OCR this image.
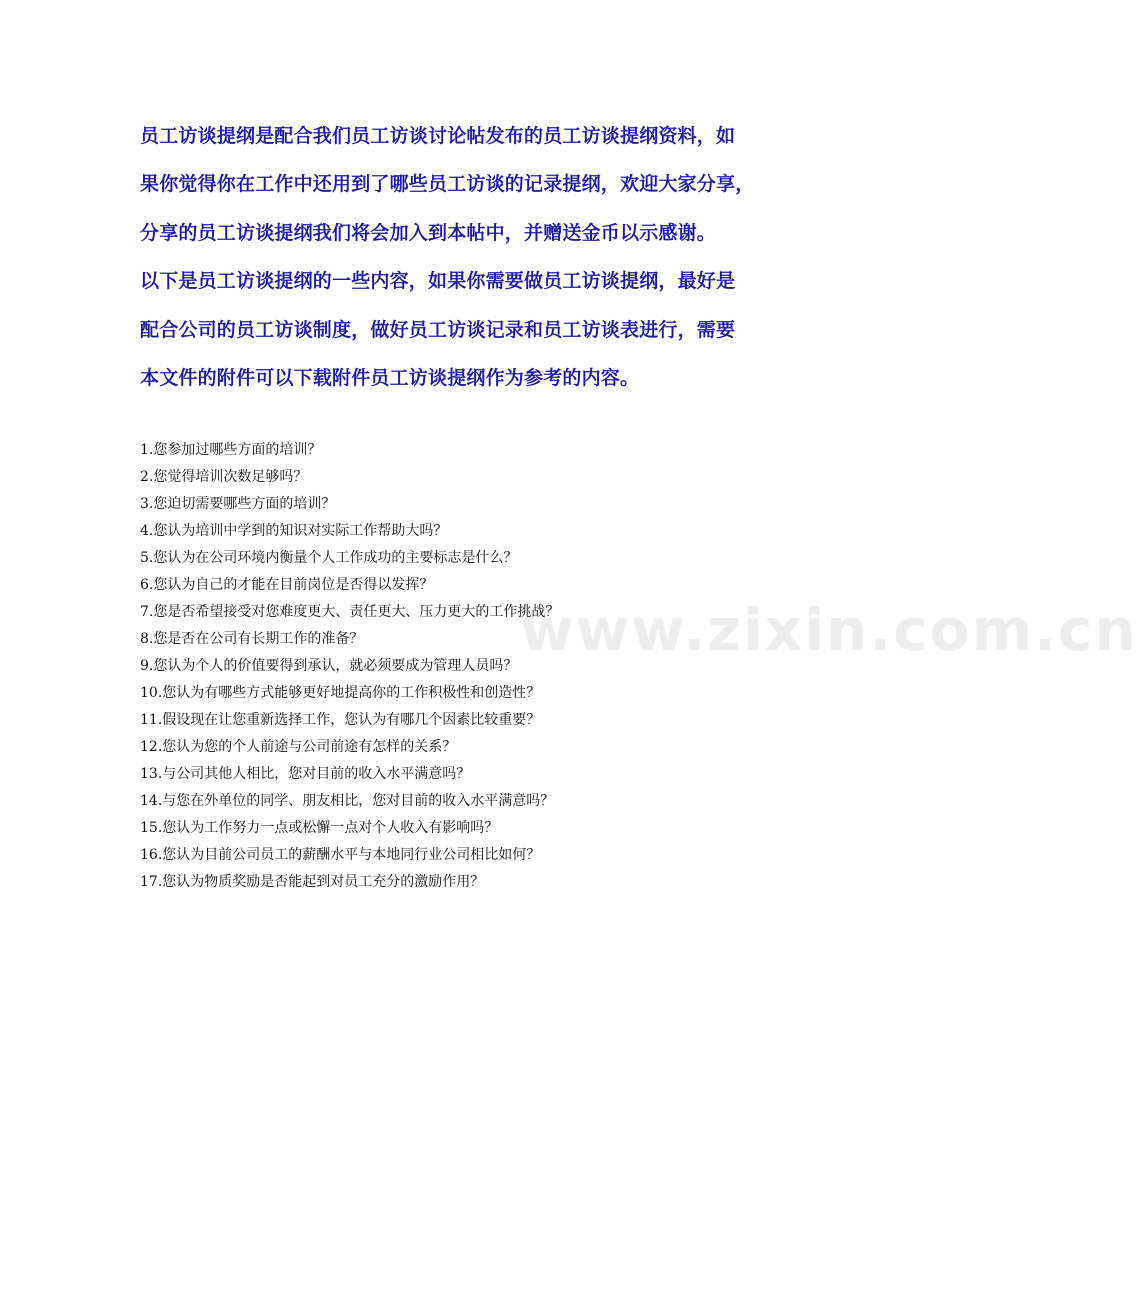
员工访谈提纲是配合我们员工访谈讨论帖发布的员工访谈提纲资料，如
果你觉得你在工作中还用到了哪些员工访谈的记录提纲，欢迎大家分享，
分享的员工访谈提纲我们将会加入到本帖中，并赠送金币以示感谢。
以下是员工访谈提纲的一些内容，如果你需要做员工访谈提纲，最好是
配合公司的员工访谈制度，做好员工访谈记录和员工访谈表进行，需要
本文件的附件可以下载附件员工访谈提纲作为参考的内容。
1.您参加过哪些方面的培训？
2.您觉得培训次数足够吗？
3.您迫切需要哪些方面的培训？
4.您认为培训中学到的知识对实际工作帮助大吗？
5.您认为在公司环境内衡量个人工作成功的主要标志是什么？
6.您认为自己的才能在目前岗位是否得以发挥？
7.您是否希望接受对您难度更大、责任更大、压力更大的工作挑战？
8.您是否在公司有长期工作的准备？
9.您认为个人的价值要得到承认，就必须要成为管理人员吗？
10.您认为有哪些方式能够更好地提高你的工作积极性和创造性？
11.假设现在让您重新选择工作，您认为有哪几个因素比较重要？
12.您认为您的个人前途与公司前途有怎样的关系？
13.与公司其他人相比，您对目前的收入水平满意吗？
14.与您在外单位的同学、朋友相比，您对目前的收入水平满意吗？
15.您认为工作努力一点或松懈一点对个人收入有影响吗？
16.您认为目前公司员工的薪酬水平与本地同行业公司相比如何？
17.您认为物质奖励是否能起到对员工充分的激励作用？
www.zixin.com.cn
